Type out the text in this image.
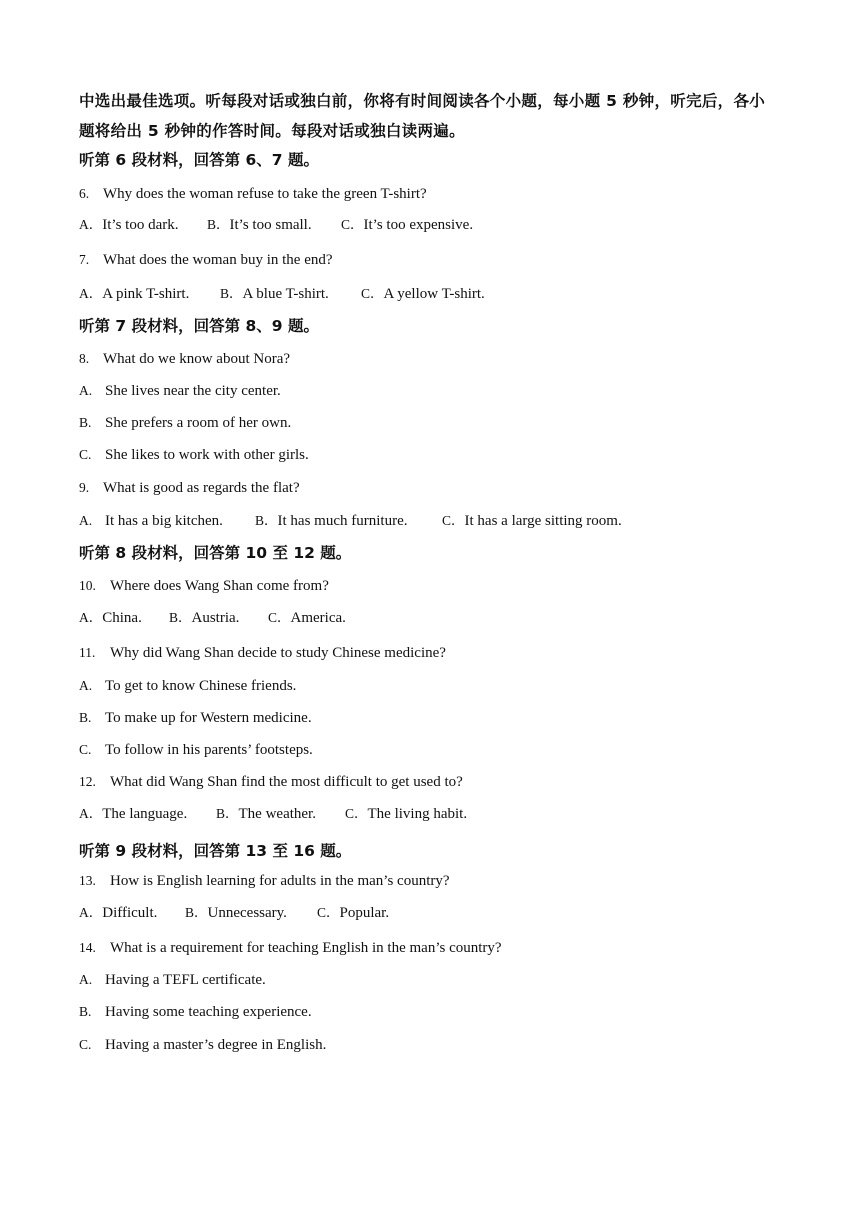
中选出最佳选项。听每段对话或独白前，你将有时间阅读各个小题，每小题 5 秒钟，听完后，各小题将给出 5 秒钟的作答时间。每段对话或独白读两遍。
听第 6 段材料，回答第 6、7 题。
6. Why does the woman refuse to take the green T-shirt?
A．It’s too dark. B．It’s too small. C．It’s too expensive.
7. What does the woman buy in the end?
A．A pink T-shirt. B．A blue T-shirt. C．A yellow T-shirt.
听第 7 段材料，回答第 8、9 题。
8. What do we know about Nora?
A. She lives near the city center.
B. She prefers a room of her own.
C. She likes to work with other girls.
9. What is good as regards the flat?
A. It has a big kitchen. B．It has much furniture.	C．It has a large sitting room.
听第 8 段材料，回答第 10 至 12 题。
10. Where does Wang Shan come from?
A．China. B．Austria. C．America.
11. Why did Wang Shan decide to study Chinese medicine?
A. To get to know Chinese friends.
B. To make up for Western medicine.
C. To follow in his parents’ footsteps.
12. What did Wang Shan find the most difficult to get used to?
A．The language. B．The weather. C．The living habit.
听第 9 段材料，回答第 13 至 16 题。
13. How is English learning for adults in the man’s country?
A．Difficult. B．Unnecessary. C．Popular.
14. What is a requirement for teaching English in the man’s country?
A. Having a TEFL certificate.
B. Having some teaching experience.
C. Having a master’s degree in English.
